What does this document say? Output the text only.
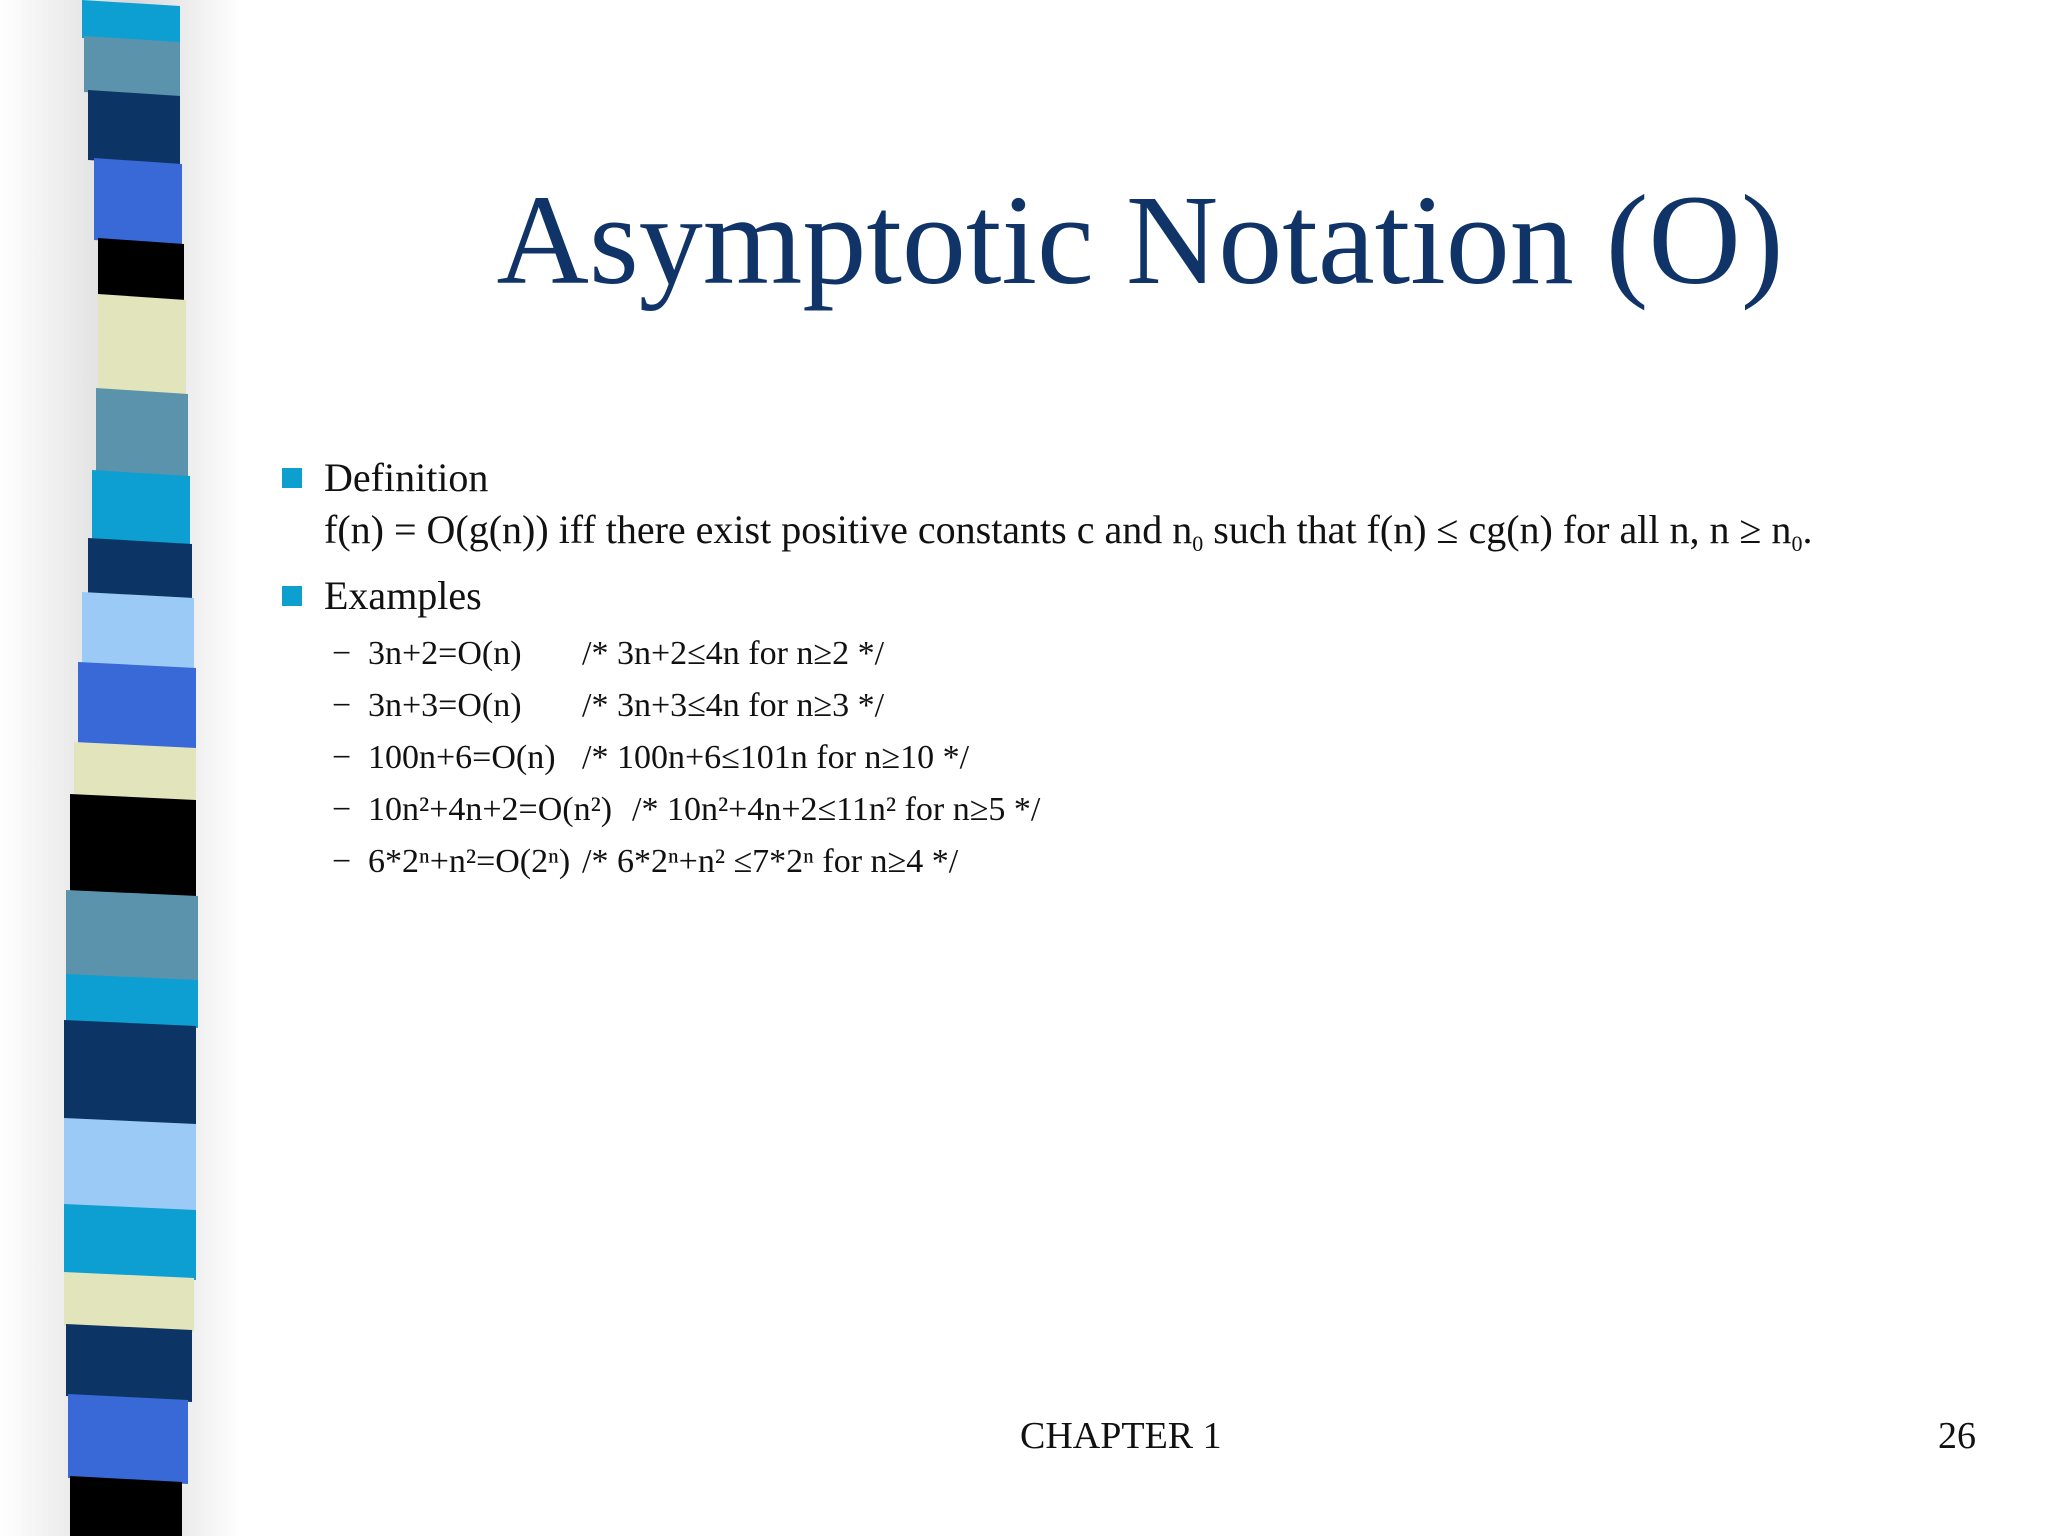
Asymptotic Notation (O)
Definition
f(n) = O(g(n)) iff there exist positive constants c and $n_0$ such that f(n) ≤ cg(n) for all n, $n \ge n_0$.
Examples
− 3n+2=O(n)	/* 3n+2≤4n for n≥2 */
− 3n+3=O(n)	/* 3n+3≤4n for n≥3 */
− 100n+6=O(n) /* 100n+6≤101n for n≥10 */
− 10n²+4n+2=O(n²) /* 10n²+4n+2≤11n² for n≥5 */
− 6*2ⁿ+n²=O(2ⁿ) /* 6*2ⁿ+n² ≤7*2ⁿ for n≥4 */
CHAPTER 1	26
